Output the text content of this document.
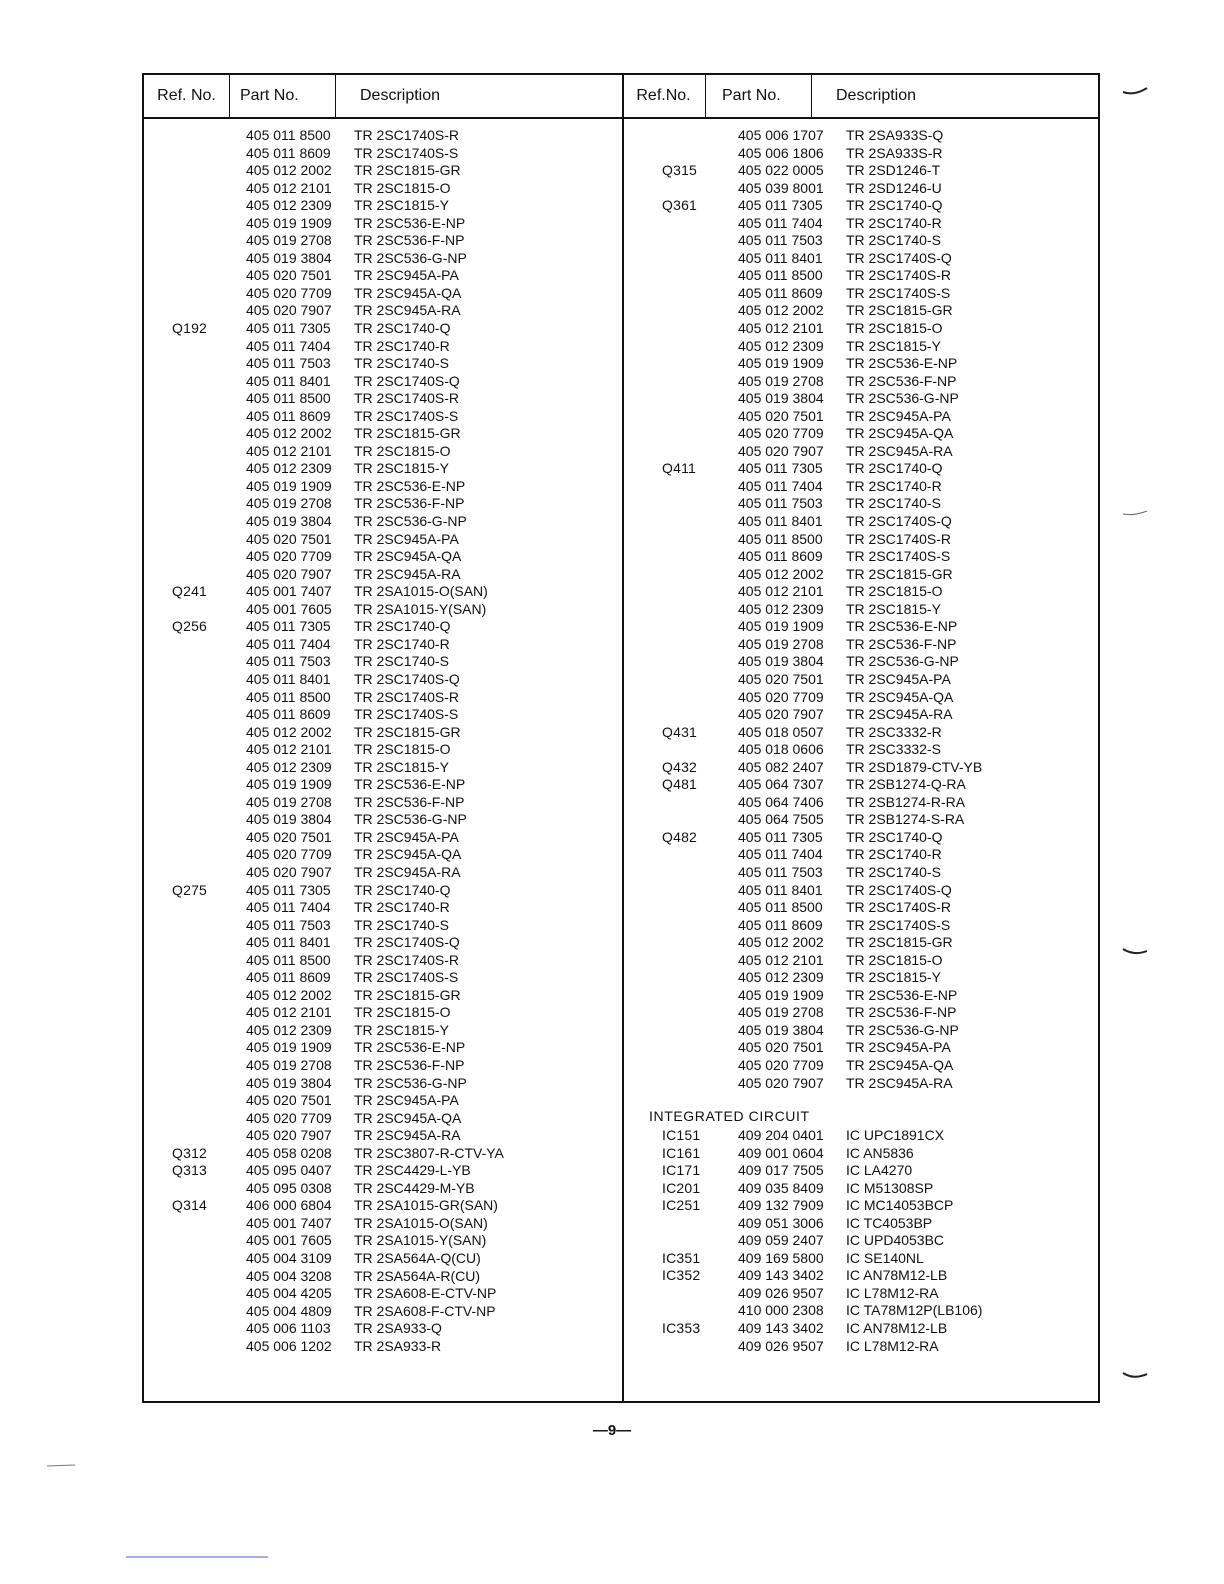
Ref. No.	Part No.	Description
405 011 8500 TR 2SC1740S-R
405 011 8609 TR 2SC1740S-S
405 012 2002 TR 2SC1815-GR
405 012 2101 TR 2SC1815-O
405 012 2309 TR 2SC1815-Y
405 019 1909 TR 2SC536-E-NP
405 019 2708 TR 2SC536-F-NP
405 019 3804 TR 2SC536-G-NP
405 020 7501 TR 2SC945A-PA
405 020 7709 TR 2SC945A-QA
405 020 7907 TR 2SC945A-RA
Q192	405 011 7305 TR 2SC1740-Q
405 011 7404 TR 2SC1740-R
405 011 7503 TR 2SC1740-S
405 011 8401 TR 2SC1740S-Q
405 011 8500 TR 2SC1740S-R
405 011 8609 TR 2SC1740S-S
405 012 2002 TR 2SC1815-GR
405 012 2101 TR 2SC1815-O
405 012 2309 TR 2SC1815-Y
405 019 1909 TR 2SC536-E-NP
405 019 2708 TR 2SC536-F-NP
405 019 3804 TR 2SC536-G-NP
405 020 7501 TR 2SC945A-PA
405 020 7709 TR 2SC945A-QA
405 020 7907 TR 2SC945A-RA
Q241	405 001 7407 TR 2SA1015-O(SAN)
405 001 7605 TR 2SA1015-Y(SAN)
Q256	405 011 7305 TR 2SC1740-Q
405 011 7404 TR 2SC1740-R
405 011 7503 TR 2SC1740-S
405 011 8401 TR 2SC1740S-Q
405 011 8500 TR 2SC1740S-R
405 011 8609 TR 2SC1740S-S
405 012 2002 TR 2SC1815-GR
405 012 2101 TR 2SC1815-O
405 012 2309 TR 2SC1815-Y
405 019 1909 TR 2SC536-E-NP
405 019 2708 TR 2SC536-F-NP
405 019 3804 TR 2SC536-G-NP
405 020 7501 TR 2SC945A-PA
405 020 7709 TR 2SC945A-QA
405 020 7907 TR 2SC945A-RA
Q275	405 011 7305 TR 2SC1740-Q
405 011 7404 TR 2SC1740-R
405 011 7503 TR 2SC1740-S
405 011 8401 TR 2SC1740S-Q
405 011 8500 TR 2SC1740S-R
405 011 8609 TR 2SC1740S-S
405 012 2002 TR 2SC1815-GR
405 012 2101 TR 2SC1815-O
405 012 2309 TR 2SC1815-Y
405 019 1909 TR 2SC536-E-NP
405 019 2708 TR 2SC536-F-NP
405 019 3804 TR 2SC536-G-NP
405 020 7501 TR 2SC945A-PA
405 020 7709 TR 2SC945A-QA
405 020 7907 TR 2SC945A-RA
Q312	405 058 0208 TR 2SC3807-R-CTV-YA
Q313	405 095 0407 TR 2SC4429-L-YB
405 095 0308 TR 2SC4429-M-YB
Q314	406 000 6804 TR 2SA1015-GR(SAN)
405 001 7407 TR 2SA1015-O(SAN)
405 001 7605 TR 2SA1015-Y(SAN)
405 004 3109 TR 2SA564A-Q(CU)
405 004 3208 TR 2SA564A-R(CU)
405 004 4205 TR 2SA608-E-CTV-NP
405 004 4809 TR 2SA608-F-CTV-NP
405 006 1103 TR 2SA933-Q
405 006 1202 TR 2SA933-R
Ref.No.	Part No.	Description
405 006 1707 TR 2SA933S-Q
405 006 1806 TR 2SA933S-R
Q315	405 022 0005 TR 2SD1246-T
405 039 8001 TR 2SD1246-U
Q361	405 011 7305 TR 2SC1740-Q
405 011 7404 TR 2SC1740-R
405 011 7503 TR 2SC1740-S
405 011 8401 TR 2SC1740S-Q
405 011 8500 TR 2SC1740S-R
405 011 8609 TR 2SC1740S-S
405 012 2002 TR 2SC1815-GR
405 012 2101 TR 2SC1815-O
405 012 2309 TR 2SC1815-Y
405 019 1909 TR 2SC536-E-NP
405 019 2708 TR 2SC536-F-NP
405 019 3804 TR 2SC536-G-NP
405 020 7501 TR 2SC945A-PA
405 020 7709 TR 2SC945A-QA
405 020 7907 TR 2SC945A-RA
Q411	405 011 7305 TR 2SC1740-Q
405 011 7404 TR 2SC1740-R
405 011 7503 TR 2SC1740-S
405 011 8401 TR 2SC1740S-Q
405 011 8500 TR 2SC1740S-R
405 011 8609 TR 2SC1740S-S
405 012 2002 TR 2SC1815-GR
405 012 2101 TR 2SC1815-O
405 012 2309 TR 2SC1815-Y
405 019 1909 TR 2SC536-E-NP
405 019 2708 TR 2SC536-F-NP
405 019 3804 TR 2SC536-G-NP
405 020 7501 TR 2SC945A-PA
405 020 7709 TR 2SC945A-QA
405 020 7907 TR 2SC945A-RA
Q431	405 018 0507 TR 2SC3332-R
405 018 0606 TR 2SC3332-S
Q432	405 082 2407 TR 2SD1879-CTV-YB
Q481	405 064 7307 TR 2SB1274-Q-RA
405 064 7406 TR 2SB1274-R-RA
405 064 7505 TR 2SB1274-S-RA
Q482	405 011 7305 TR 2SC1740-Q
405 011 7404 TR 2SC1740-R
405 011 7503 TR 2SC1740-S
405 011 8401 TR 2SC1740S-Q
405 011 8500 TR 2SC1740S-R
405 011 8609 TR 2SC1740S-S
405 012 2002 TR 2SC1815-GR
405 012 2101 TR 2SC1815-O
405 012 2309 TR 2SC1815-Y
405 019 1909 TR 2SC536-E-NP
405 019 2708 TR 2SC536-F-NP
405 019 3804 TR 2SC536-G-NP
405 020 7501 TR 2SC945A-PA
405 020 7709 TR 2SC945A-QA
405 020 7907 TR 2SC945A-RA
INTEGRATED CIRCUIT
IC151	409 204 0401 IC UPC1891CX
IC161	409 001 0604 IC AN5836
IC171	409 017 7505 IC LA4270
IC201	409 035 8409 IC M51308SP
IC251	409 132 7909 IC MC14053BCP
409 051 3006 IC TC4053BP
409 059 2407 IC UPD4053BC
IC351	409 169 5800 IC SE140NL
IC352	409 143 3402 IC AN78M12-LB
409 026 9507 IC L78M12-RA
410 000 2308 IC TA78M12P(LB106)
IC353	409 143 3402 IC AN78M12-LB
409 026 9507 IC L78M12-RA
—9—
